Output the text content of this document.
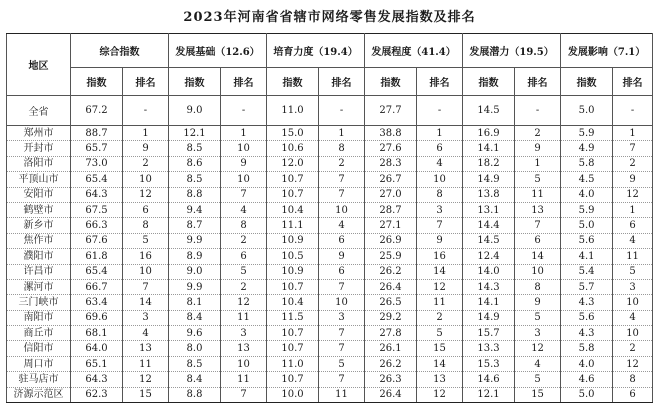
2023年河南省省辖市网络零售发展指数及排名
地区	综合指数		发展基础（12.6）		培育力度（19.4）		发展程度（41.4）		发展潜力（19.5）		发展影响（7.1）	
	指数	排名	指数	排名	指数	排名	指数	排名	指数	排名	指数	排名
全省	67.2	-	9.0	-	11.0	-	27.7	-	14.5	-	5.0	-
郑州市	88.7	1	12.1	1	15.0	1	38.8	1	16.9	2	5.9	1
开封市	65.7	9	8.5	10	10.6	8	27.6	6	14.1	9	4.9	7
洛阳市	73.0	2	8.6	9	12.0	2	28.3	4	18.2	1	5.8	2
平顶山市	65.4	10	8.5	10	10.7	7	26.7	10	14.9	5	4.5	9
安阳市	64.3	12	8.8	7	10.7	7	27.0	8	13.8	11	4.0	12
鹤壁市	67.5	6	9.4	4	10.4	10	28.7	3	13.1	13	5.9	1
新乡市	66.3	8	8.7	8	11.1	4	27.1	7	14.4	7	5.0	6
焦作市	67.6	5	9.9	2	10.9	6	26.9	9	14.5	6	5.6	4
濮阳市	61.8	16	8.9	6	10.5	9	25.9	16	12.4	14	4.1	11
许昌市	65.4	10	9.0	5	10.9	6	26.2	14	14.0	10	5.4	5
漯河市	66.7	7	9.9	2	10.7	7	26.4	12	14.3	8	5.7	3
三门峡市	63.4	14	8.1	12	10.4	10	26.5	11	14.1	9	4.3	10
南阳市	69.6	3	8.4	11	11.5	3	29.2	2	14.9	5	5.6	4
商丘市	68.1	4	9.6	3	10.7	7	27.8	5	15.7	3	4.3	10
信阳市	64.0	13	8.0	13	10.7	7	26.1	15	13.3	12	5.8	2
周口市	65.1	11	8.5	10	11.0	5	26.2	14	15.3	4	4.0	12
驻马店市	64.3	12	8.4	11	10.7	7	26.3	13	14.6	5	4.6	8
济源示范区	62.3	15	8.8	7	10.0	11	26.4	12	12.1	15	5.0	6
